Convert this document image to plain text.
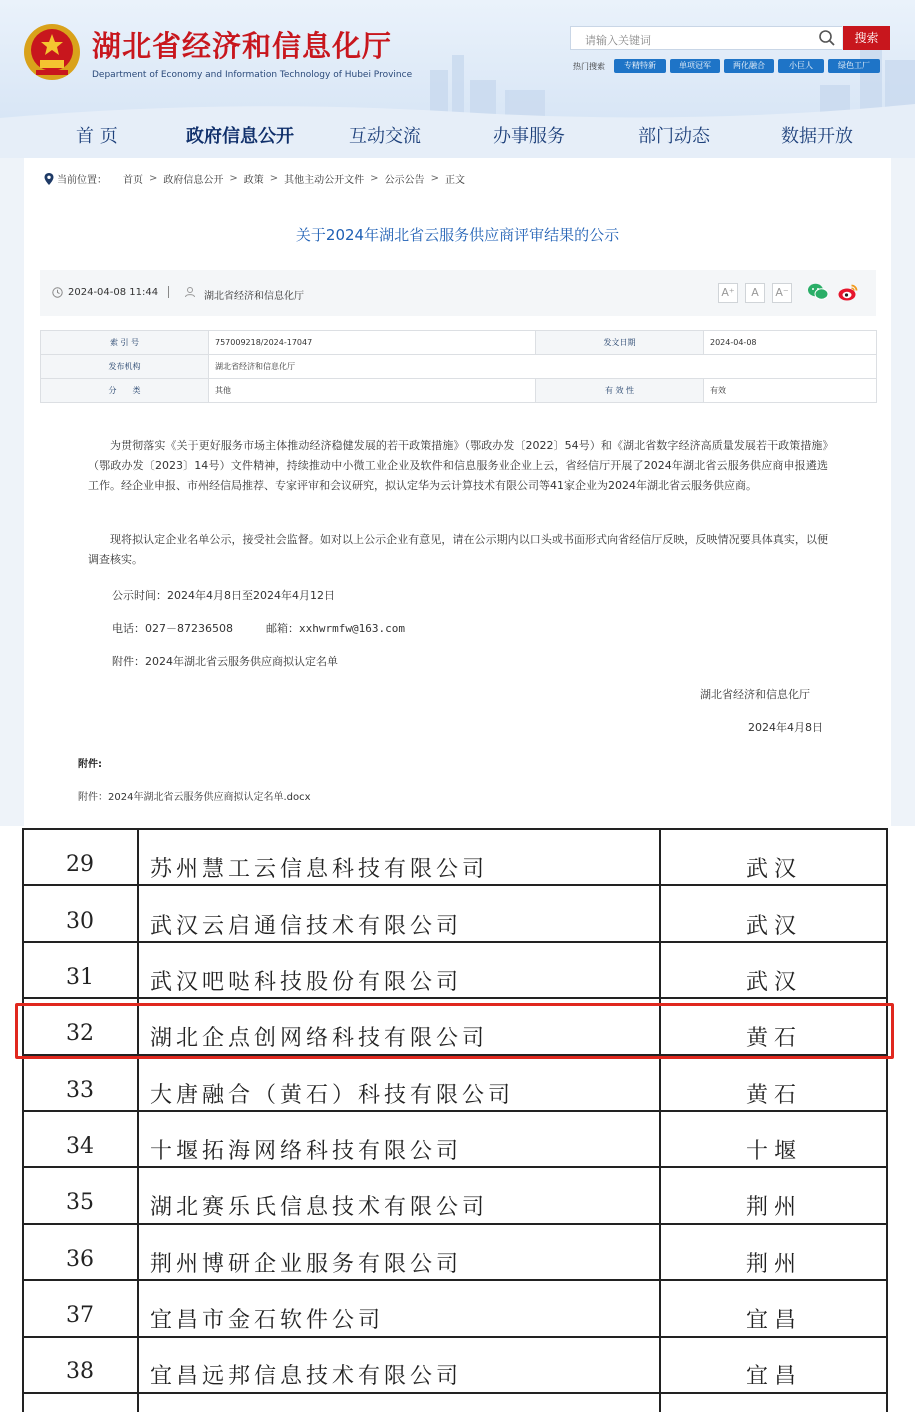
湖北省经济和信息化厅
Department of Economy and Information Technology of Hubei Province
请输入关键词	搜索
热门搜索	专精特新	单项冠军	两化融合	小巨人	绿色工厂
首 页	政府信息公开	互动交流	办事服务	部门动态	数据开放
当前位置： 首页 > 政府信息公开 > 政策 > 其他主动公开文件 > 公示公告 > 正文
关于2024年湖北省云服务供应商评审结果的公示
2024-04-08 11:44	湖北省经济和信息化厅	A⁺	A	A⁻
索 引 号	757009218/2024-17047	发文日期	2024-04-08
发布机构	湖北省经济和信息化厅		
分　　类	其他	有 效 性	有效
为贯彻落实《关于更好服务市场主体推动经济稳健发展的若干政策措施》（鄂政办发〔2022〕54号）和《湖北省数字经济高质量发展若干政策措施》（鄂政办发〔2023〕14号）文件精神，持续推动中小微工业企业及软件和信息服务业企业上云，省经信厅开展了2024年湖北省云服务供应商申报遴选工作。经企业申报、市州经信局推荐、专家评审和会议研究，拟认定华为云计算技术有限公司等41家企业为2024年湖北省云服务供应商。
现将拟认定企业名单公示，接受社会监督。如对以上公示企业有意见，请在公示期内以口头或书面形式向省经信厅反映，反映情况要具体真实，以便调查核实。
公示时间：2024年4月8日至2024年4月12日
电话：027－87236508	邮箱：xxhwrmfw@163.com
附件：2024年湖北省云服务供应商拟认定名单
湖北省经济和信息化厅
2024年4月8日
附件:
附件：2024年湖北省云服务供应商拟认定名单.docx
29	苏州慧工云信息科技有限公司	武汉
30	武汉云启通信技术有限公司	武汉
31	武汉吧哒科技股份有限公司	武汉
32	湖北企点创网络科技有限公司	黄石
33	大唐融合（黄石）科技有限公司	黄石
34	十堰拓海网络科技有限公司	十堰
35	湖北赛乐氏信息技术有限公司	荆州
36	荆州博研企业服务有限公司	荆州
37	宜昌市金石软件公司	宜昌
38	宜昌远邦信息技术有限公司	宜昌
